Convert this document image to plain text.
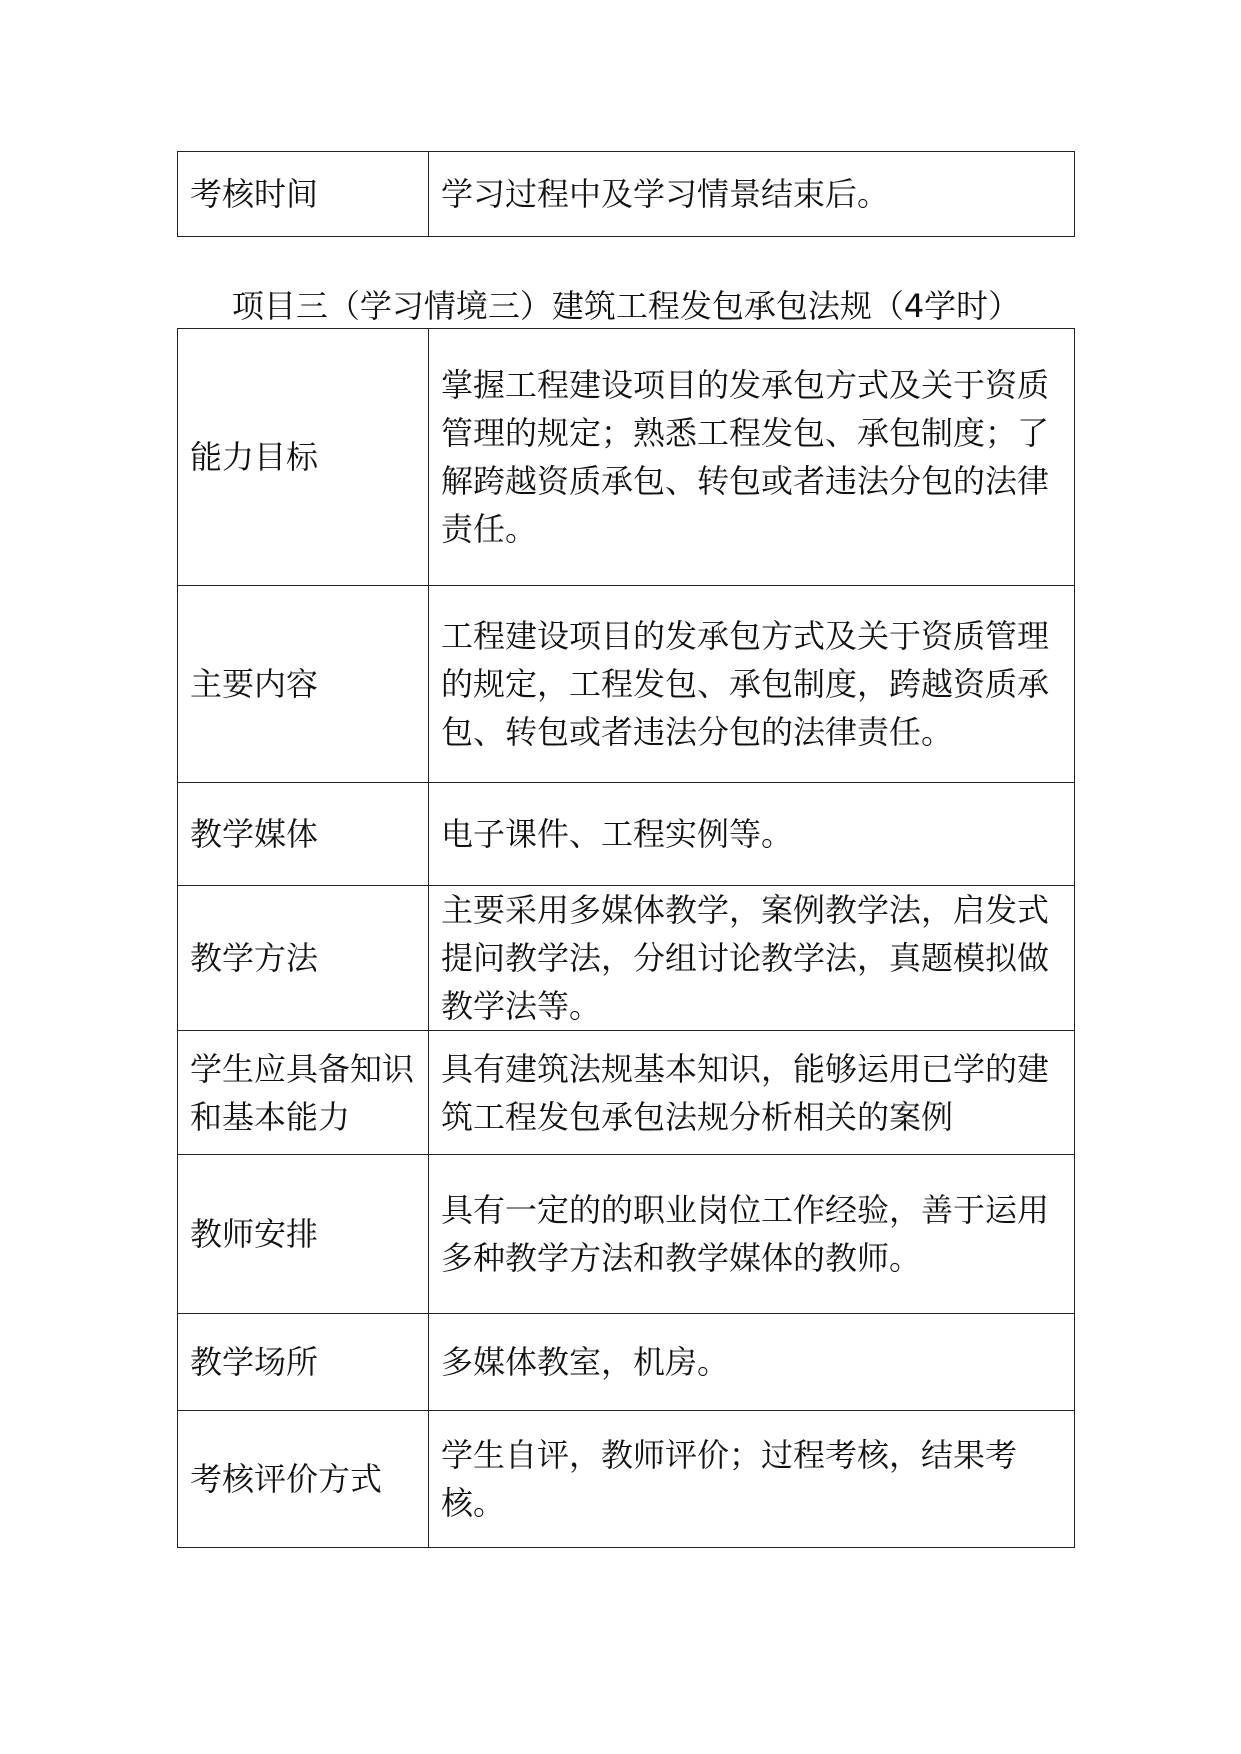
考核时间	学习过程中及学习情景结束后。
项目三（学习情境三）建筑工程发包承包法规（4学时）
能力目标	掌握工程建设项目的发承包方式及关于资质管理的规定；熟悉工程发包、承包制度；了解跨越资质承包、转包或者违法分包的法律责任。
主要内容	工程建设项目的发承包方式及关于资质管理的规定，工程发包、承包制度，跨越资质承包、转包或者违法分包的法律责任。
教学媒体	电子课件、工程实例等。
教学方法	主要采用多媒体教学，案例教学法，启发式提问教学法，分组讨论教学法，真题模拟做教学法等。
学生应具备知识和基本能力	具有建筑法规基本知识，能够运用已学的建筑工程发包承包法规分析相关的案例
教师安排	具有一定的的职业岗位工作经验，善于运用多种教学方法和教学媒体的教师。
教学场所	多媒体教室，机房。
考核评价方式	学生自评，教师评价；过程考核，结果考核。
